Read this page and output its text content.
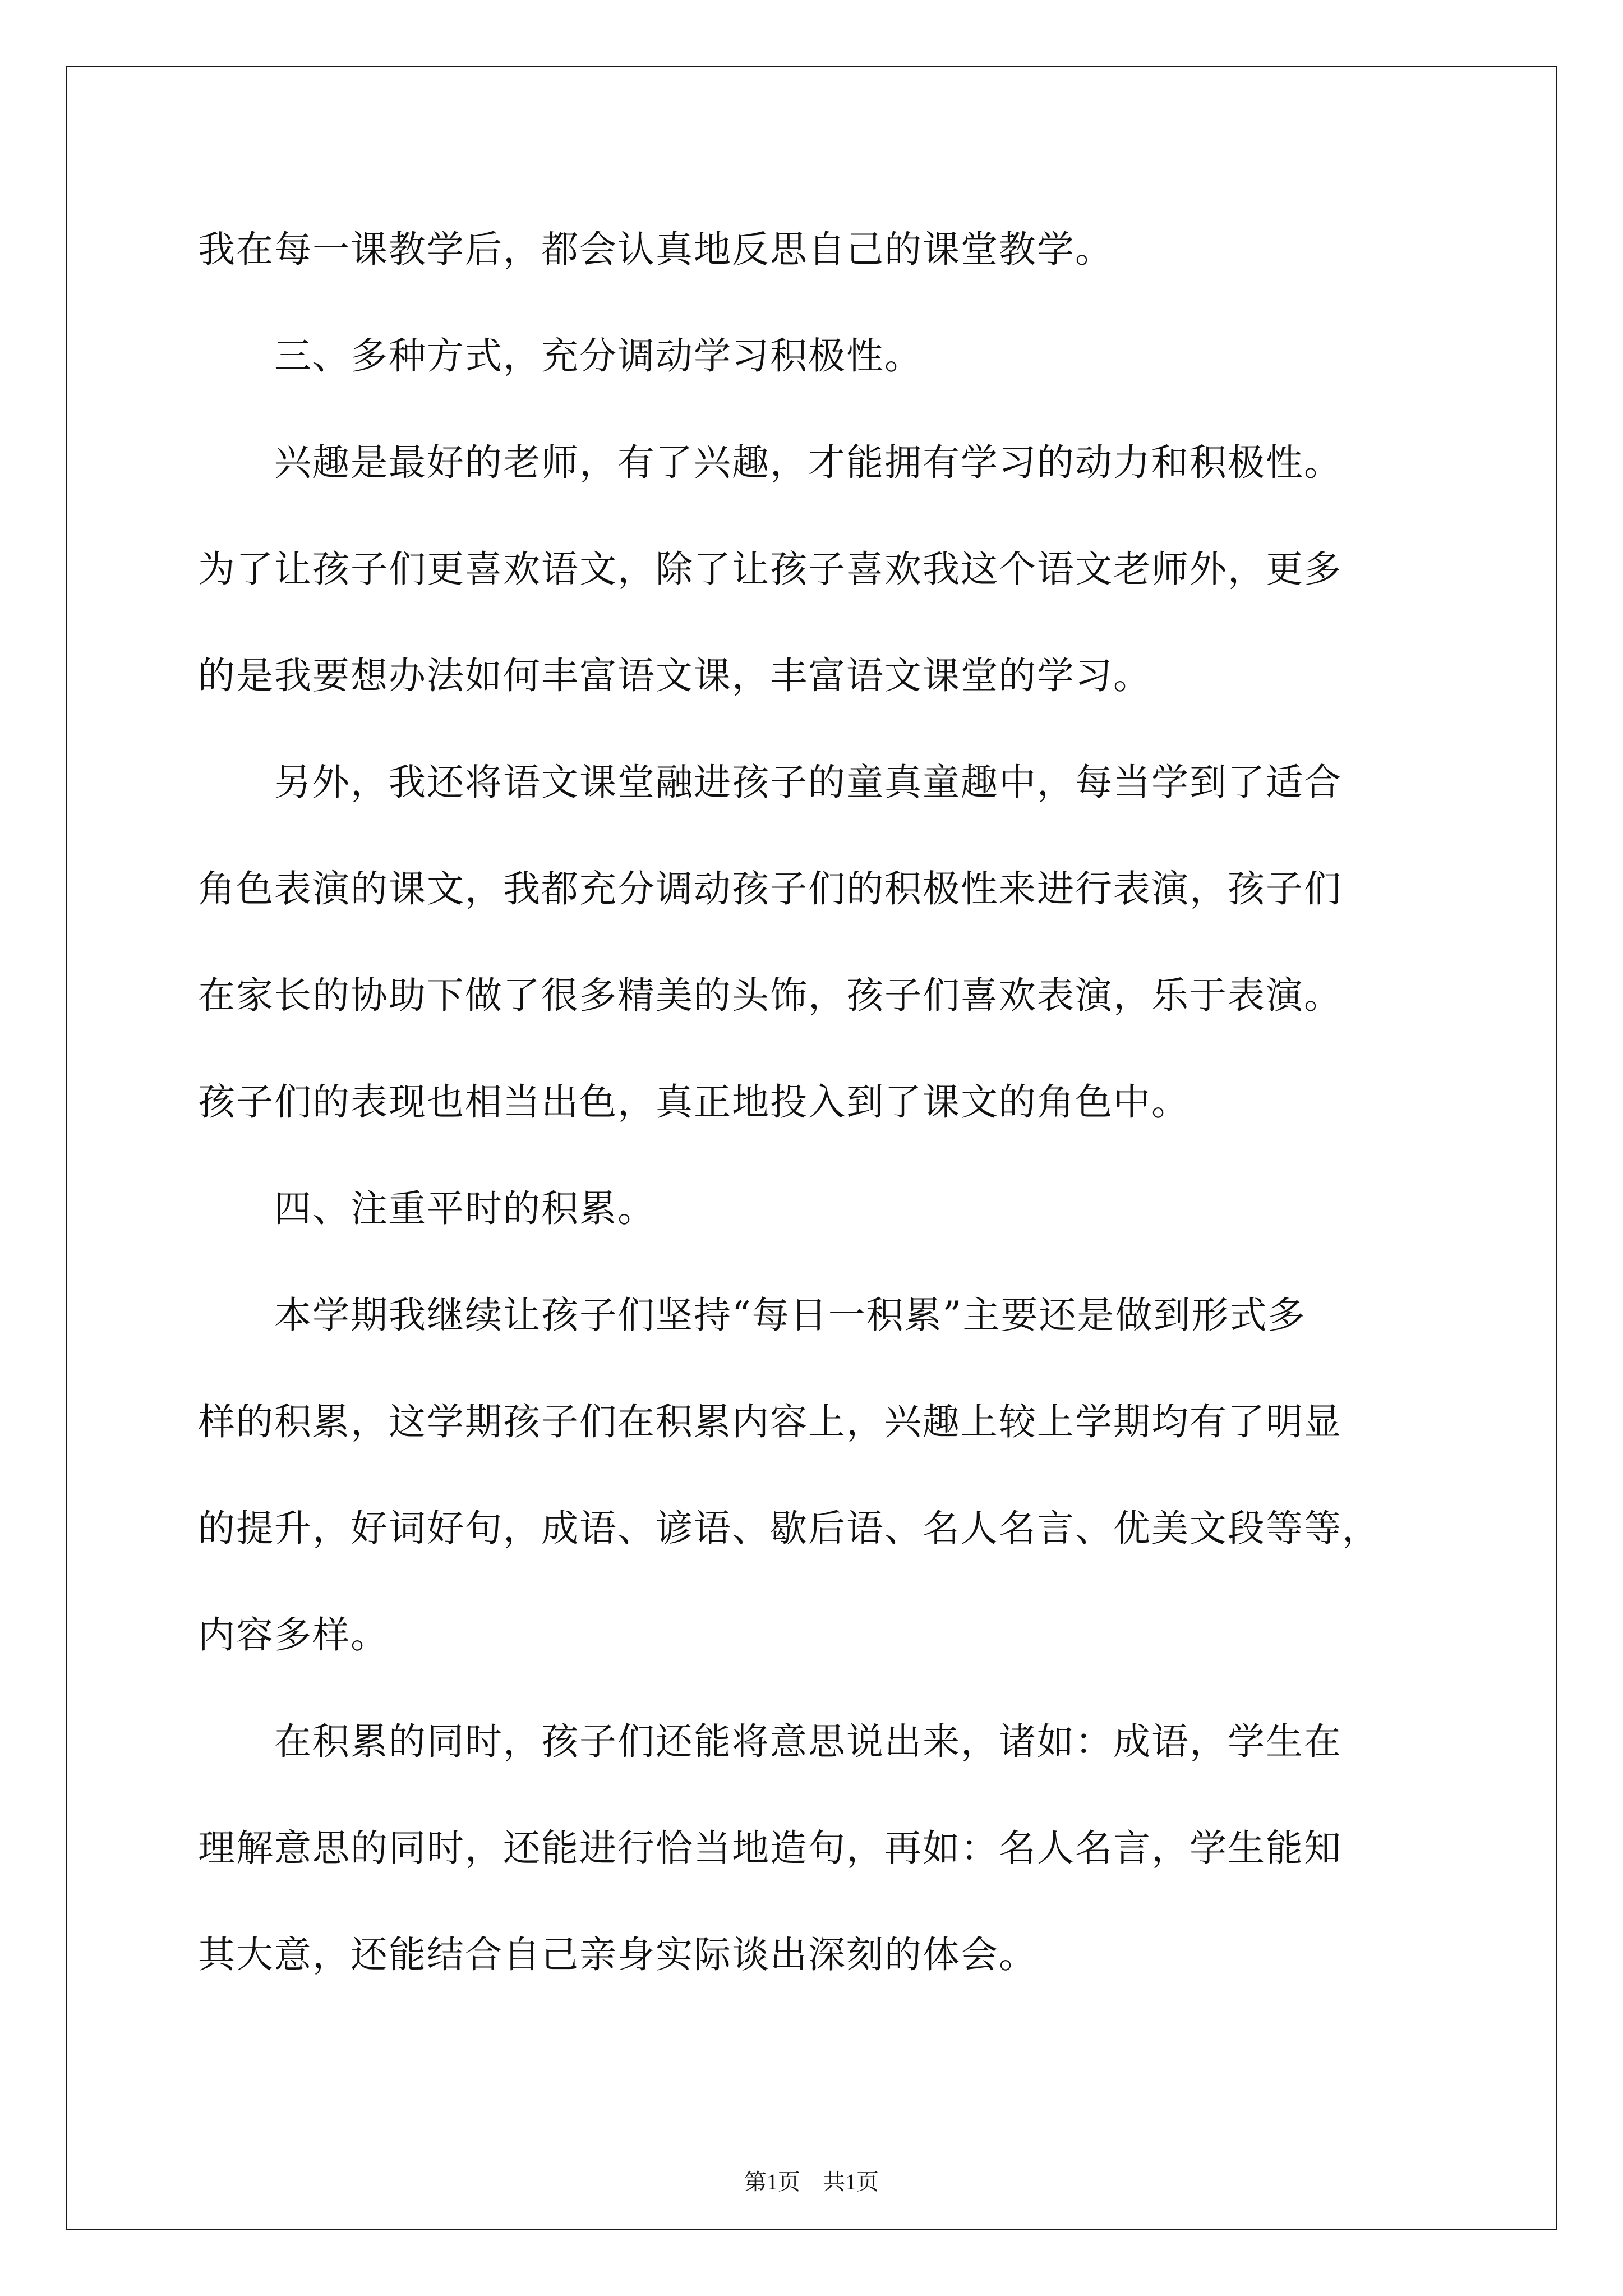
我在每一课教学后，都会认真地反思自己的课堂教学。
　　三、多种方式，充分调动学习积极性。
　　兴趣是最好的老师，有了兴趣，才能拥有学习的动力和积极性。
为了让孩子们更喜欢语文，除了让孩子喜欢我这个语文老师外，更多
的是我要想办法如何丰富语文课，丰富语文课堂的学习。
　　另外，我还将语文课堂融进孩子的童真童趣中，每当学到了适合
角色表演的课文，我都充分调动孩子们的积极性来进行表演，孩子们
在家长的协助下做了很多精美的头饰，孩子们喜欢表演，乐于表演。
孩子们的表现也相当出色，真正地投入到了课文的角色中。
　　四、注重平时的积累。
　　本学期我继续让孩子们坚持“每日一积累”主要还是做到形式多
样的积累，这学期孩子们在积累内容上，兴趣上较上学期均有了明显
的提升，好词好句，成语、谚语、歇后语、名人名言、优美文段等等，
内容多样。
　　在积累的同时，孩子们还能将意思说出来，诸如：成语，学生在
理解意思的同时，还能进行恰当地造句，再如：名人名言，学生能知
其大意，还能结合自己亲身实际谈出深刻的体会。
第1页　共1页
